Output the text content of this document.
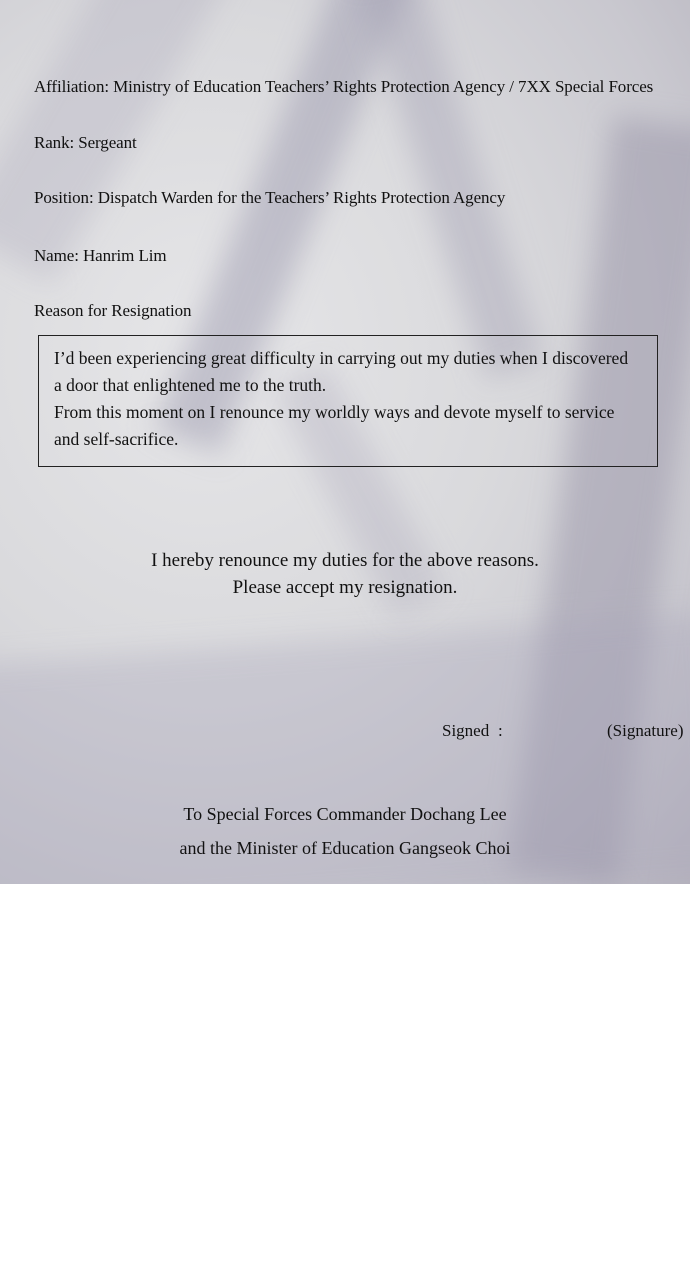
Affiliation: Ministry of Education Teachers’ Rights Protection Agency / 7XX Special Forces
Rank: Sergeant
Position: Dispatch Warden for the Teachers’ Rights Protection Agency
Name: Hanrim Lim
Reason for Resignation

I’d been experiencing great difficulty in carrying out my duties when I discovered

a door that enlightened me to the truth.

From this moment on I renounce my worldly ways and devote myself to service

and self-sacrifice.

I hereby renounce my duties for the above reasons.
Please accept my resignation.
Signed :	(Signature)
To Special Forces Commander Dochang Lee
and the Minister of Education Gangseok Choi
